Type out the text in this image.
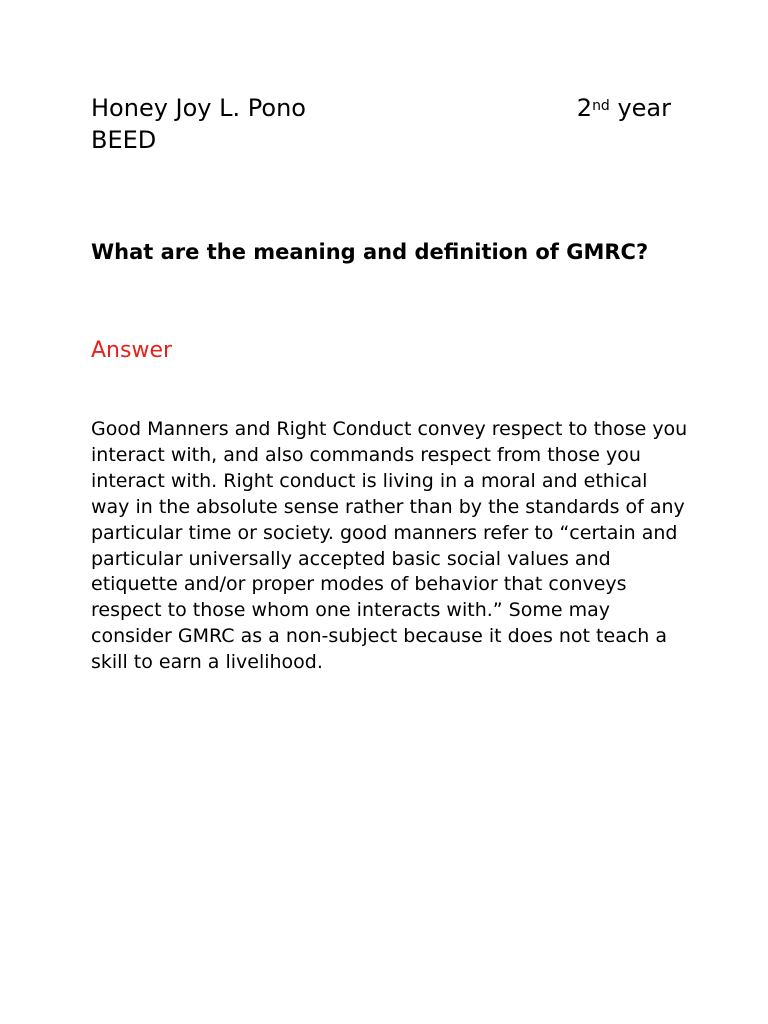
Honey Joy L. Pono	2nd year
BEED
What are the meaning and definition of GMRC?
Answer

Good Manners and Right Conduct convey respect to those you interact with, and also commands respect from those you interact with. Right conduct is living in a moral and ethical way in the absolute sense rather than by the standards of any particular time or society. good manners refer to “certain and particular universally accepted basic social values and etiquette and/or proper modes of behavior that conveys respect to those whom one interacts with.” Some may consider GMRC as a non-subject because it does not teach a skill to earn a livelihood.
